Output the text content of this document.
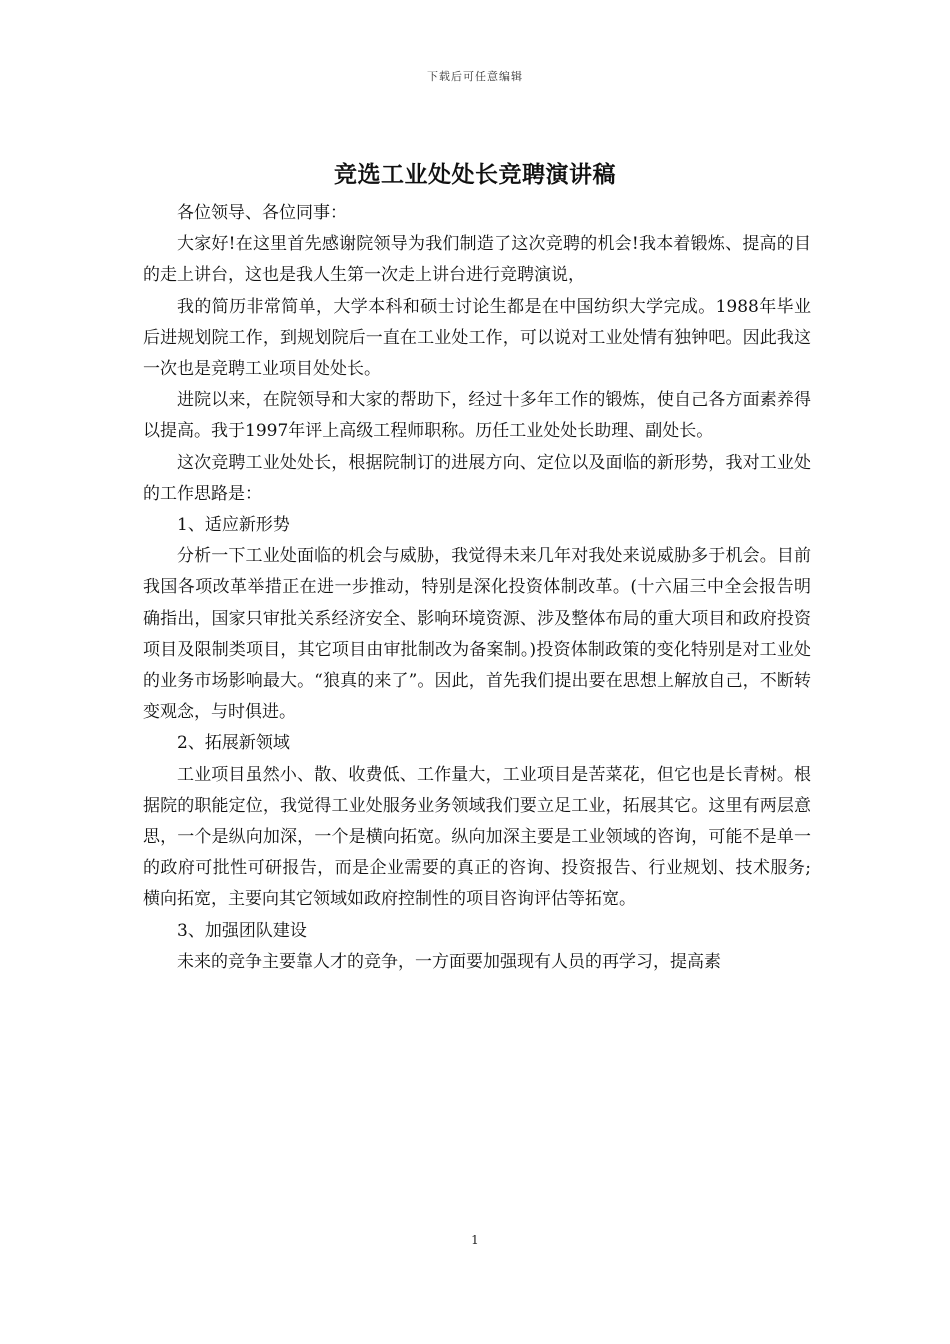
下载后可任意编辑
竞选工业处处长竞聘演讲稿

各位领导、各位同事：

大家好!在这里首先感谢院领导为我们制造了这次竞聘的机会!我本着锻炼、提高的目的走上讲台，这也是我人生第一次走上讲台进行竞聘演说，

我的简历非常简单，大学本科和硕士讨论生都是在中国纺织大学完成。1988年毕业后进规划院工作，到规划院后一直在工业处工作，可以说对工业处情有独钟吧。因此我这一次也是竞聘工业项目处处长。

进院以来，在院领导和大家的帮助下，经过十多年工作的锻炼，使自己各方面素养得以提高。我于1997年评上高级工程师职称。历任工业处处长助理、副处长。

这次竞聘工业处处长，根据院制订的进展方向、定位以及面临的新形势，我对工业处的工作思路是：

1、适应新形势

分析一下工业处面临的机会与威胁，我觉得未来几年对我处来说威胁多于机会。目前我国各项改革举措正在进一步推动，特别是深化投资体制改革。(十六届三中全会报告明确指出，国家只审批关系经济安全、影响环境资源、涉及整体布局的重大项目和政府投资项目及限制类项目，其它项目由审批制改为备案制。)投资体制政策的变化特别是对工业处的业务市场影响最大。“狼真的来了”。因此，首先我们提出要在思想上解放自己，不断转变观念，与时俱进。

2、拓展新领域

工业项目虽然小、散、收费低、工作量大，工业项目是苦菜花，但它也是长青树。根据院的职能定位，我觉得工业处服务业务领域我们要立足工业，拓展其它。这里有两层意思，一个是纵向加深，一个是横向拓宽。纵向加深主要是工业领域的咨询，可能不是单一的政府可批性可研报告，而是企业需要的真正的咨询、投资报告、行业规划、技术服务;横向拓宽，主要向其它领域如政府控制性的项目咨询评估等拓宽。

3、加强团队建设

未来的竞争主要靠人才的竞争，一方面要加强现有人员的再学习，提高素

1
